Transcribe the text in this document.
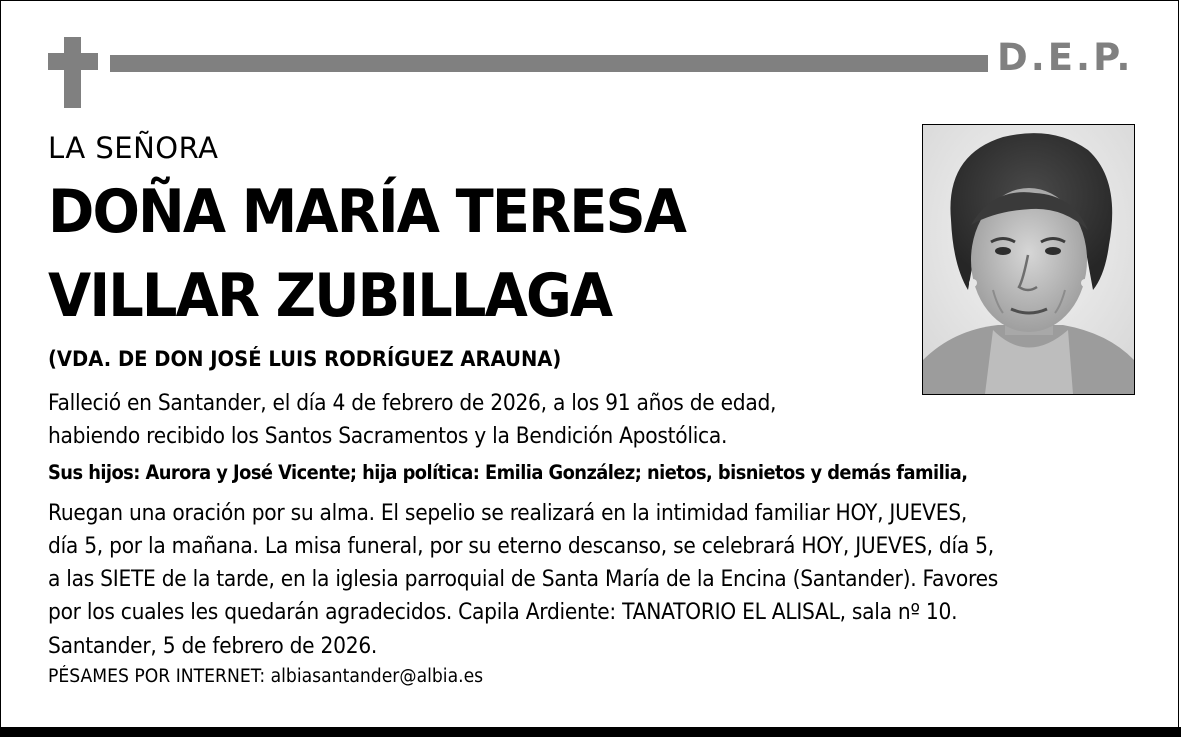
D.E.P.
LA SEÑORA
DOÑA MARÍA TERESA
VILLAR ZUBILLAGA
(VDA. DE DON JOSÉ LUIS RODRÍGUEZ ARAUNA)
Falleció en Santander, el día 4 de febrero de 2026, a los 91 años de edad,
habiendo recibido los Santos Sacramentos y la Bendición Apostólica.
Sus hijos: Aurora y José Vicente; hija política: Emilia González; nietos, bisnietos y demás familia,
Ruegan una oración por su alma. El sepelio se realizará en la intimidad familiar HOY, JUEVES,
día 5, por la mañana. La misa funeral, por su eterno descanso, se celebrará HOY, JUEVES, día 5,
a las SIETE de la tarde, en la iglesia parroquial de Santa María de la Encina (Santander). Favores
por los cuales les quedarán agradecidos. Capila Ardiente: TANATORIO EL ALISAL, sala nº 10.
Santander, 5 de febrero de 2026.
PÉSAMES POR INTERNET: albiasantander@albia.es
